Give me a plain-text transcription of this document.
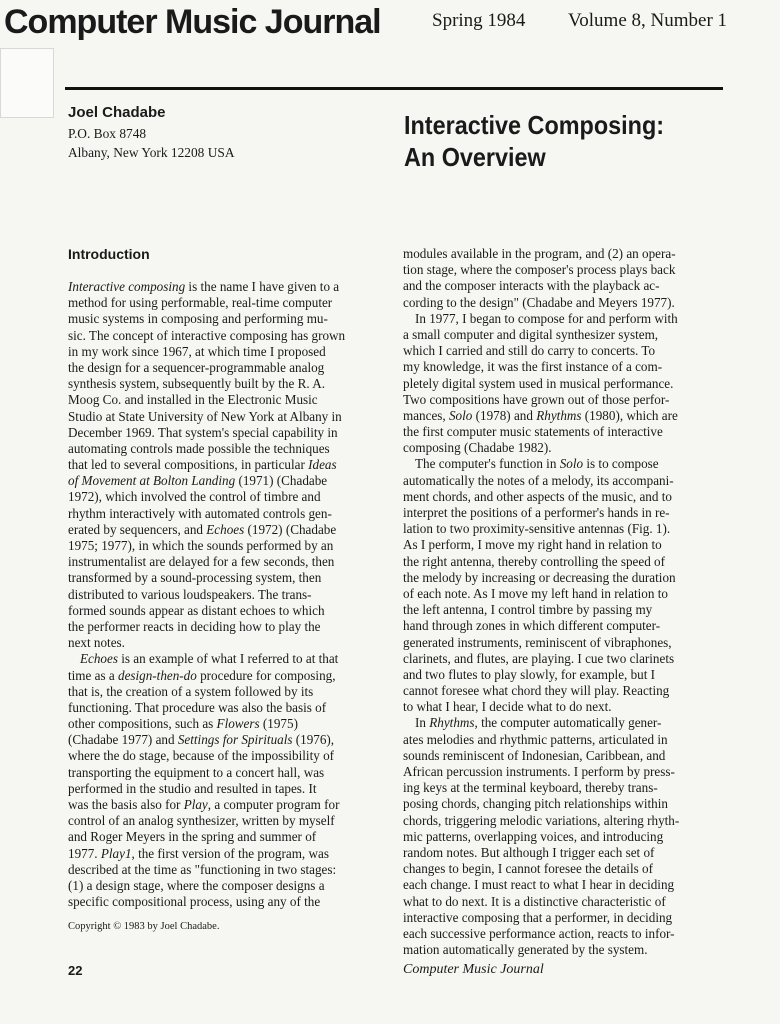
Computer Music Journal	Spring 1984 Volume 8, Number 1
Joel Chadabe
P.O. Box 8748
Albany, New York 12208 USA
Interactive Composing:
An Overview
Introduction
Interactive composing is the name I have given to a
method for using performable, real-time computer
music systems in composing and performing mu-
sic. The concept of interactive composing has grown
in my work since 1967, at which time I proposed
the design for a sequencer-programmable analog
synthesis system, subsequently built by the R. A.
Moog Co. and installed in the Electronic Music
Studio at State University of New York at Albany in
December 1969. That system's special capability in
automating controls made possible the techniques
that led to several compositions, in particular Ideas
of Movement at Bolton Landing (1971) (Chadabe
1972), which involved the control of timbre and
rhythm interactively with automated controls gen-
erated by sequencers, and Echoes (1972) (Chadabe
1975; 1977), in which the sounds performed by an
instrumentalist are delayed for a few seconds, then
transformed by a sound-processing system, then
distributed to various loudspeakers. The trans-
formed sounds appear as distant echoes to which
the performer reacts in deciding how to play the
next notes.
Echoes is an example of what I referred to at that
time as a design-then-do procedure for composing,
that is, the creation of a system followed by its
functioning. That procedure was also the basis of
other compositions, such as Flowers (1975)
(Chadabe 1977) and Settings for Spirituals (1976),
where the do stage, because of the impossibility of
transporting the equipment to a concert hall, was
performed in the studio and resulted in tapes. It
was the basis also for Play, a computer program for
control of an analog synthesizer, written by myself
and Roger Meyers in the spring and summer of
1977. Play1, the first version of the program, was
described at the time as "functioning in two stages:
(1) a design stage, where the composer designs a
specific compositional process, using any of the
modules available in the program, and (2) an opera-
tion stage, where the composer's process plays back
and the composer interacts with the playback ac-
cording to the design" (Chadabe and Meyers 1977).
In 1977, I began to compose for and perform with
a small computer and digital synthesizer system,
which I carried and still do carry to concerts. To
my knowledge, it was the first instance of a com-
pletely digital system used in musical performance.
Two compositions have grown out of those perfor-
mances, Solo (1978) and Rhythms (1980), which are
the first computer music statements of interactive
composing (Chadabe 1982).
The computer's function in Solo is to compose
automatically the notes of a melody, its accompani-
ment chords, and other aspects of the music, and to
interpret the positions of a performer's hands in re-
lation to two proximity-sensitive antennas (Fig. 1).
As I perform, I move my right hand in relation to
the right antenna, thereby controlling the speed of
the melody by increasing or decreasing the duration
of each note. As I move my left hand in relation to
the left antenna, I control timbre by passing my
hand through zones in which different computer-
generated instruments, reminiscent of vibraphones,
clarinets, and flutes, are playing. I cue two clarinets
and two flutes to play slowly, for example, but I
cannot foresee what chord they will play. Reacting
to what I hear, I decide what to do next.
In Rhythms, the computer automatically gener-
ates melodies and rhythmic patterns, articulated in
sounds reminiscent of Indonesian, Caribbean, and
African percussion instruments. I perform by press-
ing keys at the terminal keyboard, thereby trans-
posing chords, changing pitch relationships within
chords, triggering melodic variations, altering rhyth-
mic patterns, overlapping voices, and introducing
random notes. But although I trigger each set of
changes to begin, I cannot foresee the details of
each change. I must react to what I hear in deciding
what to do next. It is a distinctive characteristic of
interactive composing that a performer, in deciding
each successive performance action, reacts to infor-
mation automatically generated by the system.
Copyright © 1983 by Joel Chadabe.
22	Computer Music Journal
